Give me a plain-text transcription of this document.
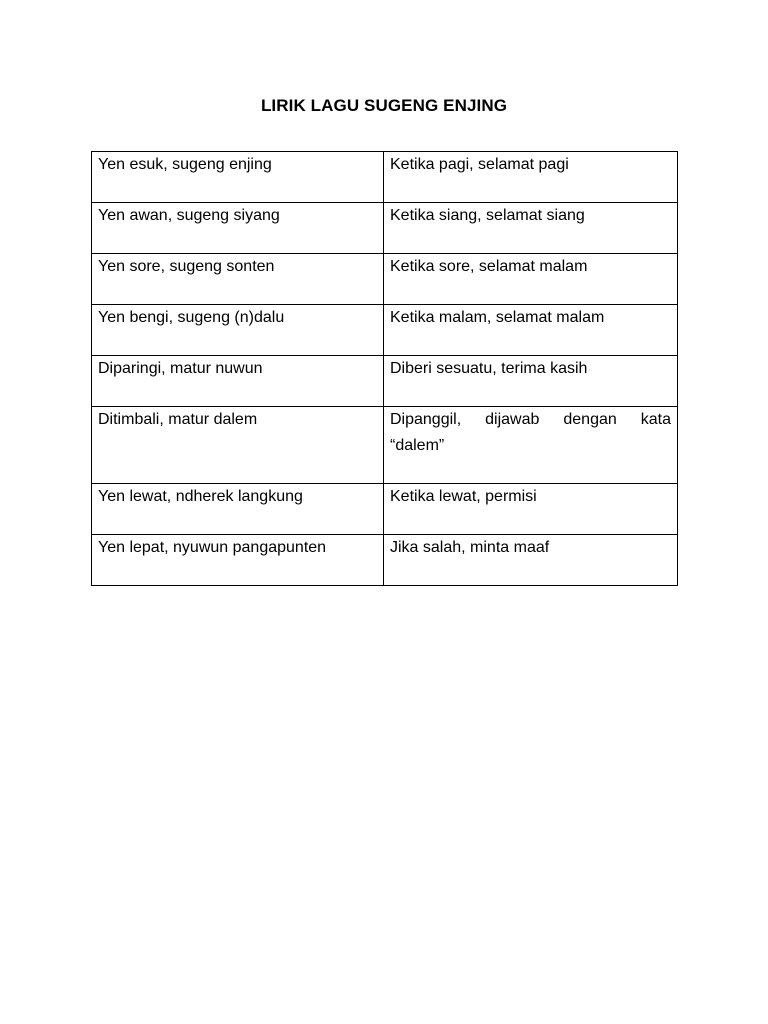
LIRIK LAGU SUGENG ENJING
Yen esuk, sugeng enjing	Ketika pagi, selamat pagi

Yen awan, sugeng siyang	Ketika siang, selamat siang

Yen sore, sugeng sonten	Ketika sore, selamat malam

Yen bengi, sugeng (n)dalu	Ketika malam, selamat malam

Diparingi, matur nuwun	Diberi sesuatu, terima kasih

Ditimbali, matur dalem	Dipanggil, dijawab dengan kata “dalem”

Yen lewat, ndherek langkung	Ketika lewat, permisi

Yen lepat, nyuwun pangapunten	Jika salah, minta maaf
